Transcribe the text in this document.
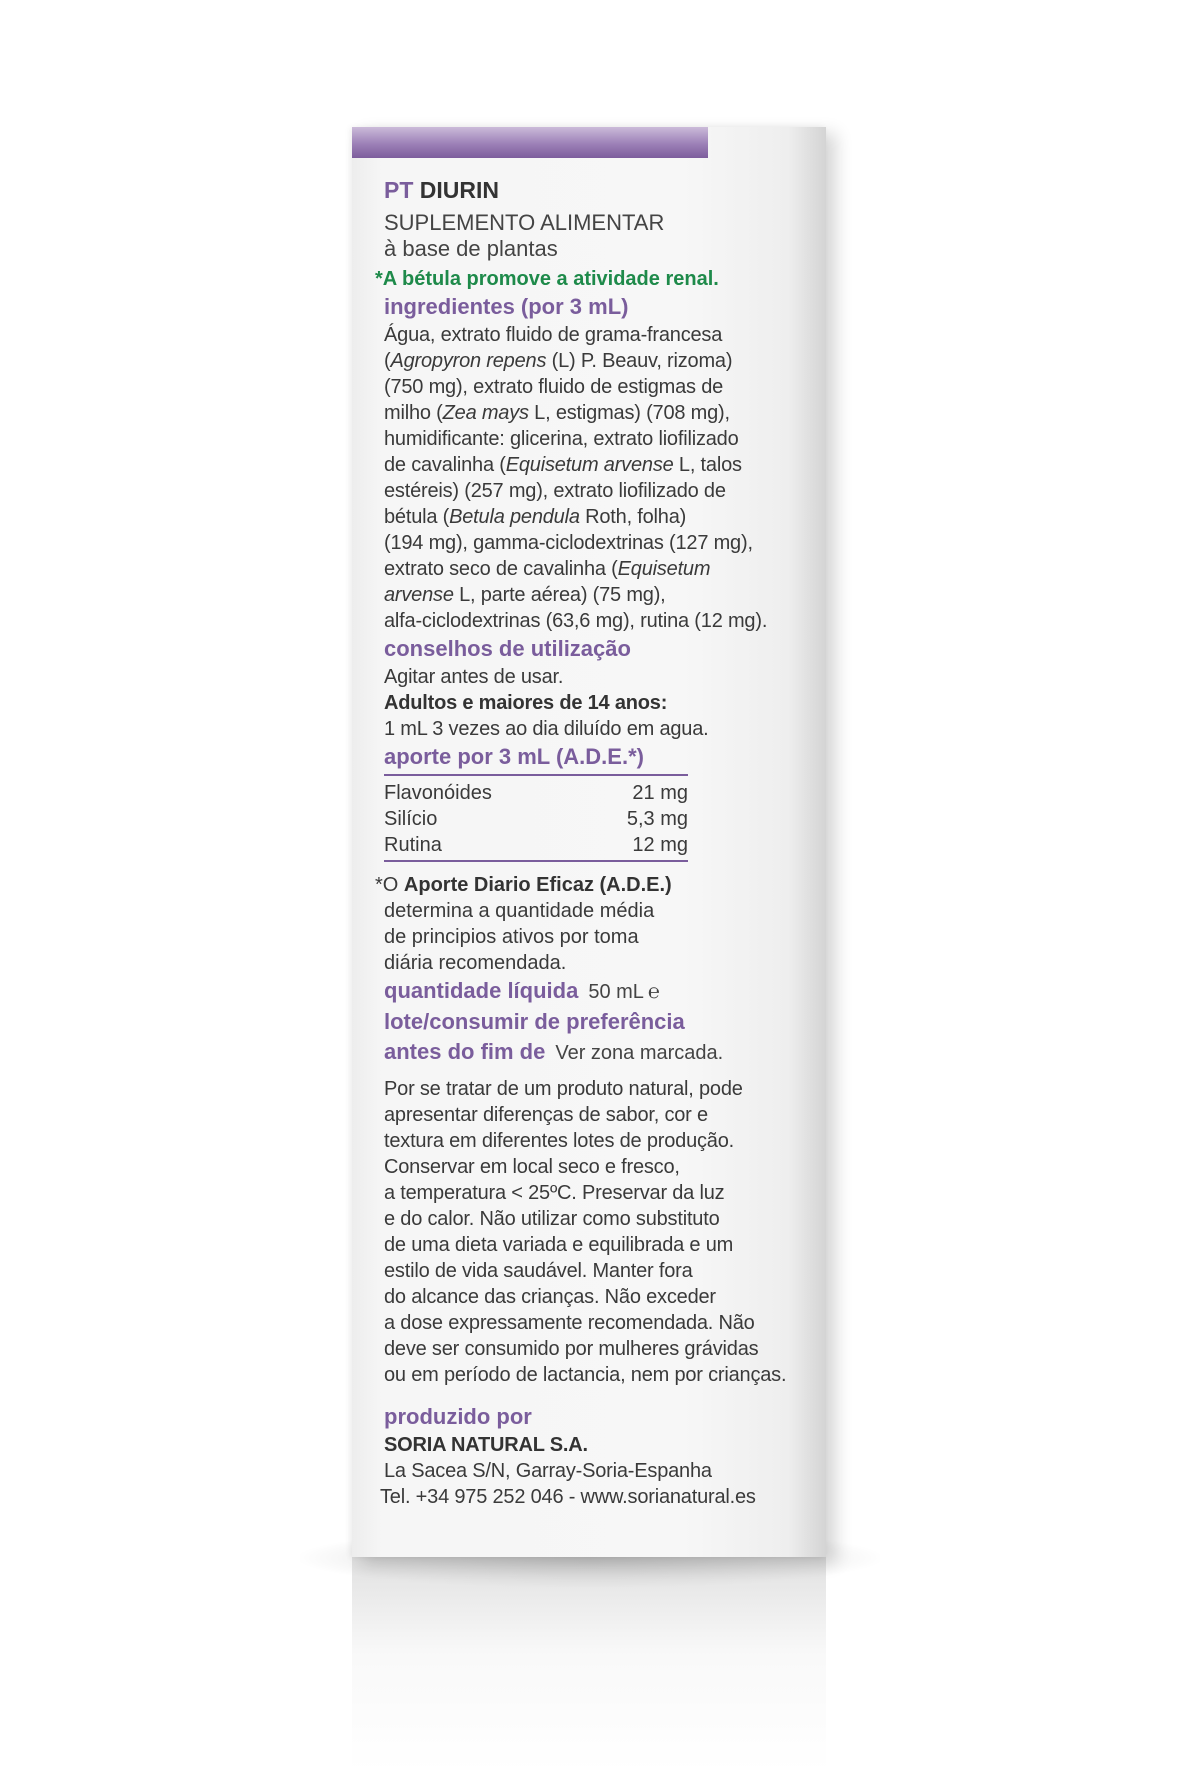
PT DIURIN
SUPLEMENTO ALIMENTAR
à base de plantas
*A bétula promove a atividade renal.
ingredientes (por 3 mL)
Água, extrato fluido de grama-francesa
(Agropyron repens (L) P. Beauv, rizoma)
(750 mg), extrato fluido de estigmas de
milho (Zea mays L, estigmas) (708 mg),
humidificante: glicerina, extrato liofilizado
de cavalinha (Equisetum arvense L, talos
estéreis) (257 mg), extrato liofilizado de
bétula (Betula pendula Roth, folha)
(194 mg), gamma-ciclodextrinas (127 mg),
extrato seco de cavalinha (Equisetum
arvense L, parte aérea) (75 mg),
alfa-ciclodextrinas (63,6 mg), rutina (12 mg).
conselhos de utilização
Agitar antes de usar.
Adultos e maiores de 14 anos:
1 mL 3 vezes ao dia diluído em agua.
aporte por 3 mL (A.D.E.*)
Flavonóides	21 mg
Silício	5,3 mg
Rutina	12 mg
*O Aporte Diario Eficaz (A.D.E.)
determina a quantidade média
de principios ativos por toma
diária recomendada.
quantidade líquida 50 mL ℮
lote/consumir de preferência
antes do fim de Ver zona marcada.
Por se tratar de um produto natural, pode
apresentar diferenças de sabor, cor e
textura em diferentes lotes de produção.
Conservar em local seco e fresco,
a temperatura < 25ºC. Preservar da luz
e do calor. Não utilizar como substituto
de uma dieta variada e equilibrada e um
estilo de vida saudável. Manter fora
do alcance das crianças. Não exceder
a dose expressamente recomendada. Não
deve ser consumido por mulheres grávidas
ou em período de lactancia, nem por crianças.
produzido por
SORIA NATURAL S.A.
La Sacea S/N, Garray-Soria-Espanha
Tel. +34 975 252 046 - www.sorianatural.es
